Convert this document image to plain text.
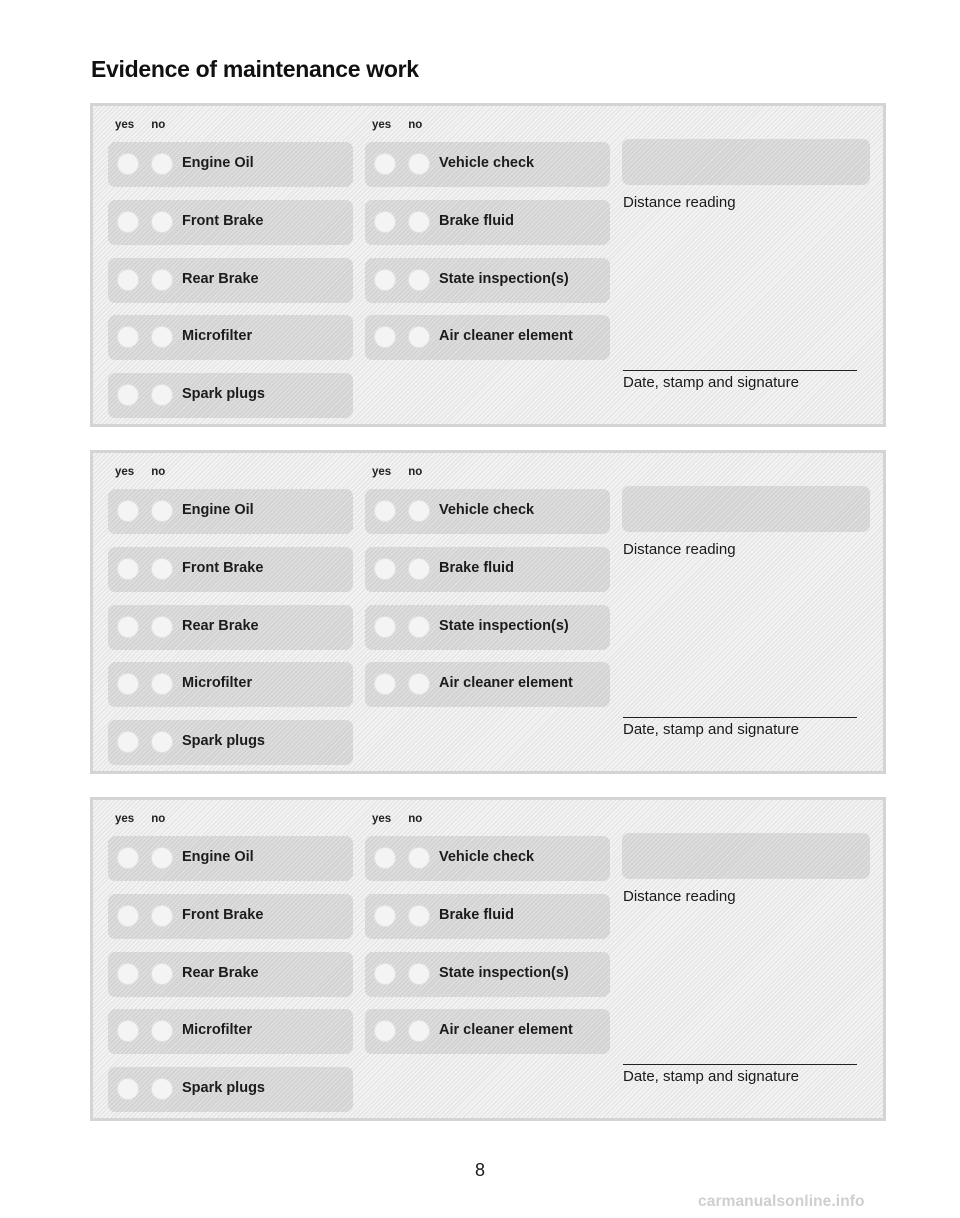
Evidence of maintenance work
yes no	yes no
Engine Oil
Front Brake
Rear Brake
Microfilter
Spark plugs
Vehicle check
Brake fluid
State inspection(s)
Air cleaner element
Distance reading
Date, stamp and signature
yes no	yes no
Engine Oil
Front Brake
Rear Brake
Microfilter
Spark plugs
Vehicle check
Brake fluid
State inspection(s)
Air cleaner element
Distance reading
Date, stamp and signature
yes no	yes no
Engine Oil
Front Brake
Rear Brake
Microfilter
Spark plugs
Vehicle check
Brake fluid
State inspection(s)
Air cleaner element
Distance reading
Date, stamp and signature
8
carmanualsonline.info
